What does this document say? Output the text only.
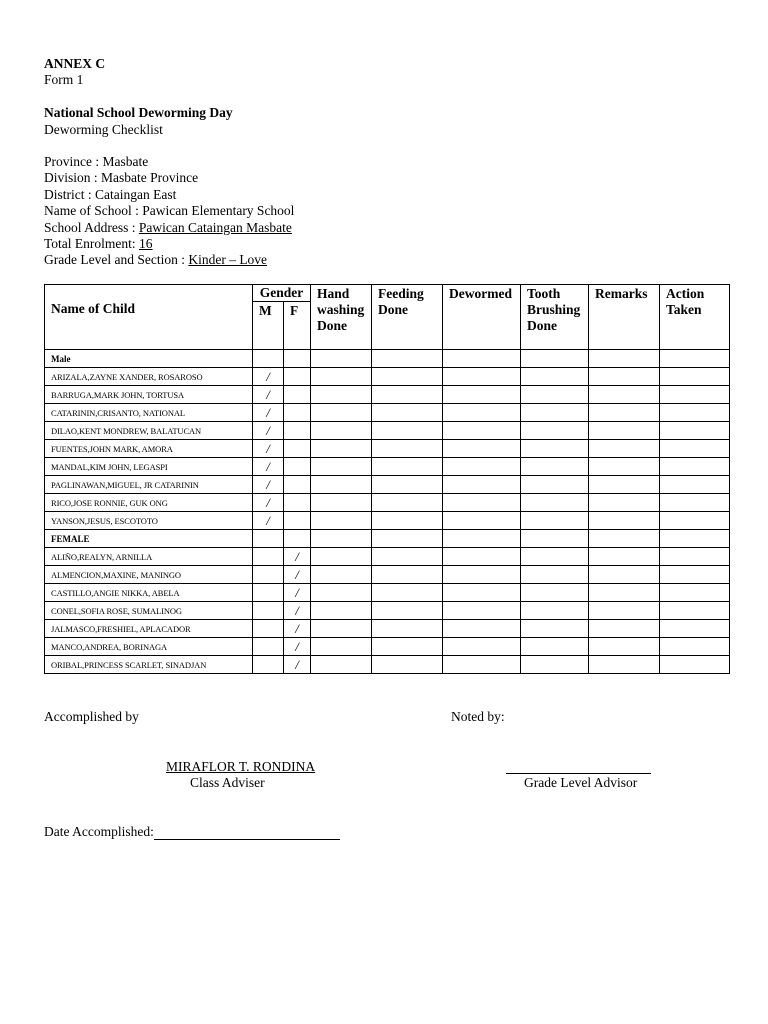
ANNEX C
Form 1
National School Deworming Day
Deworming Checklist
Province : Masbate
Division : Masbate Province
District : Cataingan East
Name of School : Pawican Elementary School
School Address : Pawican Cataingan Masbate
Total Enrolment: 16
Grade Level and Section : Kinder – Love
Name of Child	Gender		Hand washing Done	Feeding Done	Dewormed	Tooth Brushing Done	Remarks	Action Taken
	M	F						
Male								
ARIZALA,ZAYNE XANDER, ROSAROSO	/							
BARRUGA,MARK JOHN, TORTUSA	/							
CATARININ,CRISANTO, NATIONAL	/							
DILAO,KENT MONDREW, BALATUCAN	/							
FUENTES,JOHN MARK, AMORA	/							
MANDAL,KIM JOHN, LEGASPI	/							
PAGLINAWAN,MIGUEL, JR CATARININ	/							
RICO,JOSE RONNIE, GUK ONG	/							
YANSON,JESUS, ESCOTOTO	/							
FEMALE								
ALIÑO,REALYN, ARNILLA		/						
ALMENCION,MAXINE, MANINGO		/						
CASTILLO,ANGIE NIKKA, ABELA		/						
CONEL,SOFIA ROSE, SUMALINOG		/						
JALMASCO,FRESHIEL, APLACADOR		/						
MANCO,ANDREA, BORINAGA		/						
ORIBAL,PRINCESS SCARLET, SINADJAN		/						
Accomplished by	Noted by:
MIRAFLOR T. RONDINA
Class Adviser	Grade Level Advisor
Date Accomplished:
